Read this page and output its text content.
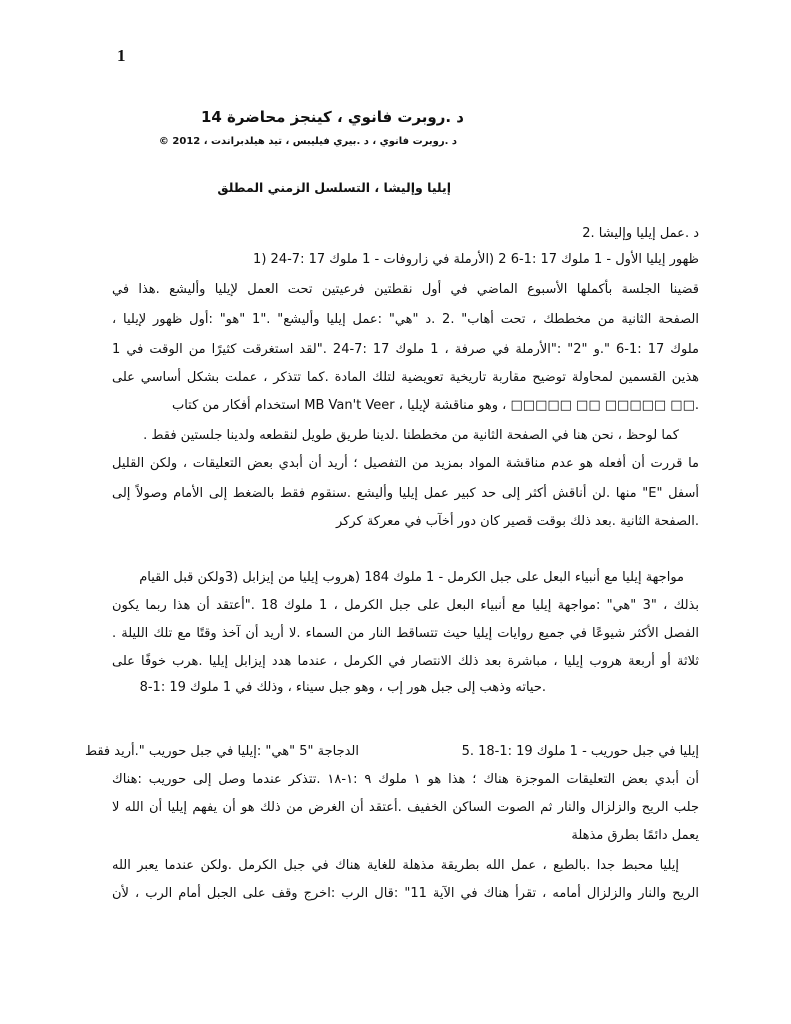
1
د .روبرت فانوي ، كينجز محاضرة 14
د .روبرت فانوي ، د .بيري فيليبس ، تيد هيلدبراندت ، 2012 ©
إيليا وإليشا ، التسلسل الزمني المطلق
د .عمل إيليا وإليشا .2
ظهور إيليا الأول - 1 ملوك 17 :1-6 2 (الأرملة في زاروفات - 1 ملوك 17 :7-24 (1
قضينا الجلسة بأكملها الأسبوع الماضي في أول نقطتين فرعيتين تحت العمل لإيليا وأليشع .هذا في
الصفحة الثانية من مخططك ، تحت أهاب" .2 .د "هي" :عمل إيليا وأليشع" ."1 "هو" :أول ظهور لإيليا ،
ملوك 17 :1-6 ".و "2" :"الأرملة في صرفة ، 1 ملوك 17 :7-24 ."لقد استغرقت كثيرًا من الوقت في 1
هذين القسمين لمحاولة توضيح مقاربة تاريخية تعويضية لتلك المادة .كما تتذكر ، عملت بشكل أساسي على
.□□ □□□□□ □□ □□□□□ ، وهو مناقشة لإيليا ، MB Van't Veer استخدام أفكار من كتاب
كما لوحظ ، نحن هنا في الصفحة الثانية من مخططنا .لدينا طريق طويل لنقطعه ولدينا جلستين فقط .
ما قررت أن أفعله هو عدم مناقشة المواد بمزيد من التفصيل ؛ أريد أن أبدي بعض التعليقات ، ولكن القليل
أسفل "E" منها .لن أناقش أكثر إلى حد كبير عمل إيليا وأليشع .سنقوم فقط بالضغط إلى الأمام وصولاً إلى
.الصفحة الثانية .بعد ذلك بوقت قصير كان دور أخآب في معركة كركر
مواجهة إيليا مع أنبياء البعل على جبل الكرمل - 1 ملوك 184 (هروب إيليا من إيزابل (3ولكن قبل القيام
بذلك ، "3 "هي" :مواجهة إيليا مع أنبياء البعل على جبل الكرمل ، 1 ملوك 18 ."أعتقد أن هذا ربما يكون
الفصل الأكثر شيوعًا في جميع روايات إيليا حيث تتساقط النار من السماء .لا أريد أن آخذ وقتًا مع تلك الليلة .
ثلاثة أو أربعة هروب إيليا ، مباشرة بعد ذلك الانتصار في الكرمل ، عندما هدد إيزابل إيليا .هرب خوفًا على
.حياته وذهب إلى جبل هور إب ، وهو جبل سيناء ، وذلك في 1 ملوك 19 :1-8
إيليا في جبل حوريب - 1 ملوك 19 :1-18 .5
الدجاجة "5 "هي" :إيليا في جبل حوريب ".أريد فقط
أن أبدي بعض التعليقات الموجزة هناك ؛ هذا هو ١ ملوك ٩ :١-١٨ .تتذكر عندما وصل إلى حوريب :هناك
جلب الريح والزلزال والنار ثم الصوت الساكن الخفيف .أعتقد أن الغرض من ذلك هو أن يفهم إيليا أن الله لا
يعمل دائمًا بطرق مذهلة
إيليا محبط جدا .بالطبع ، عمل الله بطريقة مذهلة للغاية هناك في جبل الكرمل .ولكن عندما يعبر الله
الريح والنار والزلزال أمامه ، تقرأ هناك في الآية 11" :قال الرب :اخرج وقف على الجبل أمام الرب ، لأن
